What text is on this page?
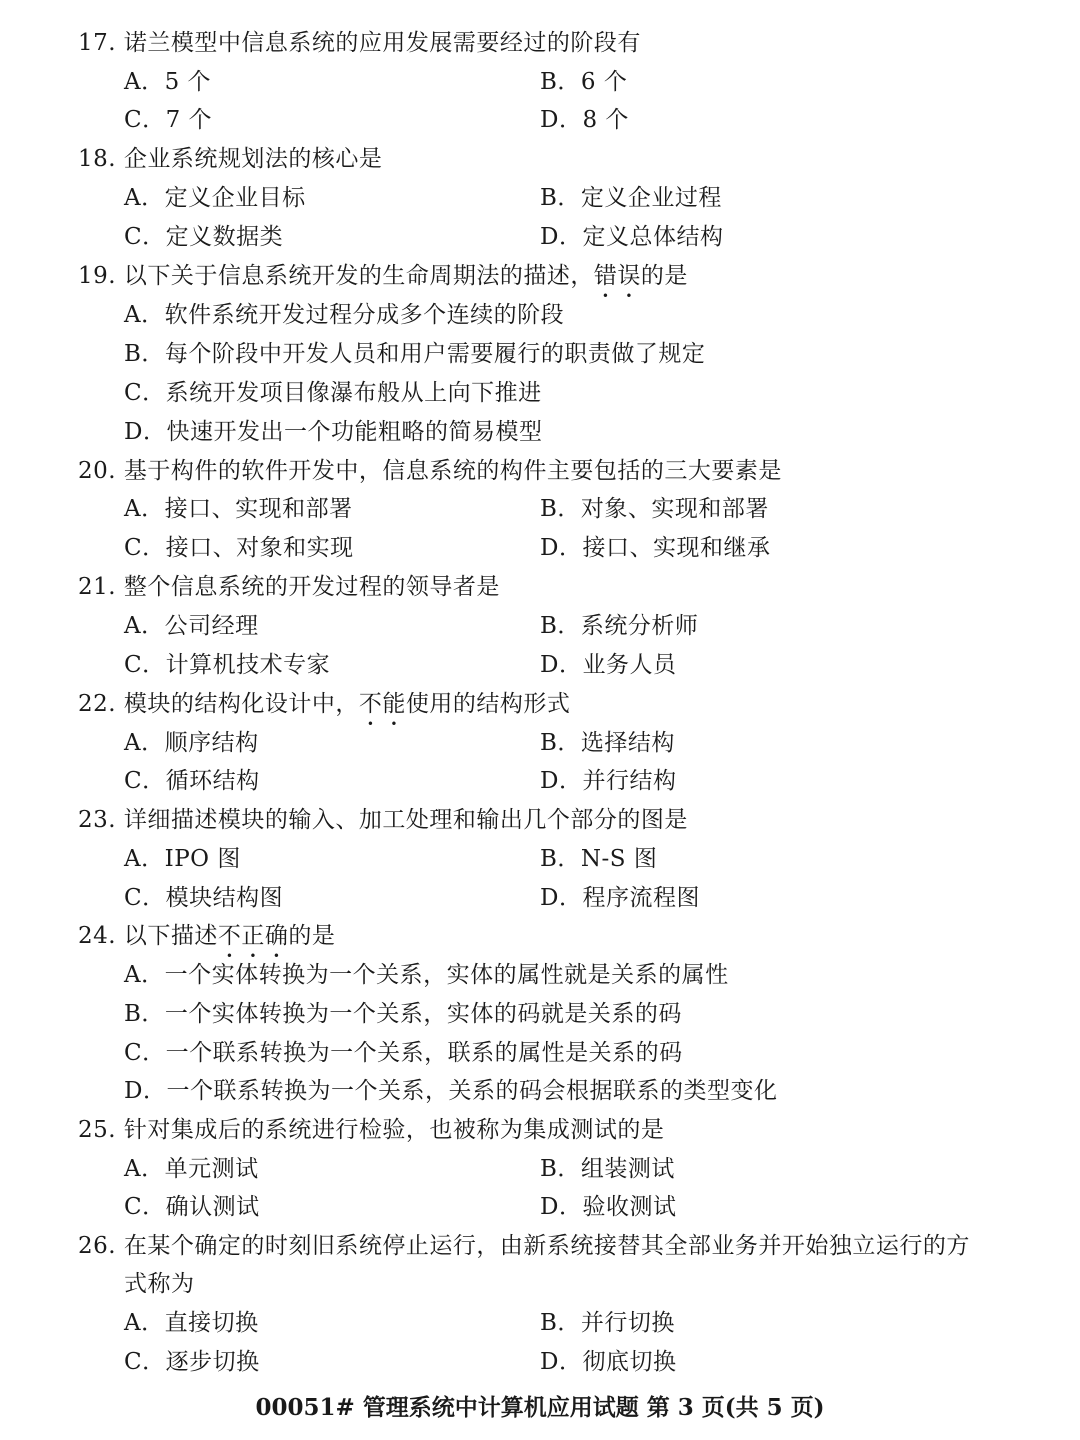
17. 诺兰模型中信息系统的应用发展需要经过的阶段有
A．5 个	B．6 个
C．7 个	D．8 个
18. 企业系统规划法的核心是
A．定义企业目标	B．定义企业过程
C．定义数据类	D．定义总体结构
19. 以下关于信息系统开发的生命周期法的描述，错误的是
A．软件系统开发过程分成多个连续的阶段
B．每个阶段中开发人员和用户需要履行的职责做了规定
C．系统开发项目像瀑布般从上向下推进
D．快速开发出一个功能粗略的简易模型
20. 基于构件的软件开发中，信息系统的构件主要包括的三大要素是
A．接口、实现和部署	B．对象、实现和部署
C．接口、对象和实现	D．接口、实现和继承
21. 整个信息系统的开发过程的领导者是
A．公司经理	B．系统分析师
C．计算机技术专家	D．业务人员
22. 模块的结构化设计中，不能使用的结构形式
A．顺序结构	B．选择结构
C．循环结构	D．并行结构
23. 详细描述模块的输入、加工处理和输出几个部分的图是
A．IPO 图	B．N-S 图
C．模块结构图	D．程序流程图
24. 以下描述不正确的是
A．一个实体转换为一个关系，实体的属性就是关系的属性
B．一个实体转换为一个关系，实体的码就是关系的码
C．一个联系转换为一个关系，联系的属性是关系的码
D．一个联系转换为一个关系，关系的码会根据联系的类型变化
25. 针对集成后的系统进行检验，也被称为集成测试的是
A．单元测试	B．组装测试
C．确认测试	D．验收测试
26. 在某个确定的时刻旧系统停止运行，由新系统接替其全部业务并开始独立运行的方
式称为
A．直接切换	B．并行切换
C．逐步切换	D．彻底切换
00051# 管理系统中计算机应用试题 第 3 页(共 5 页)
